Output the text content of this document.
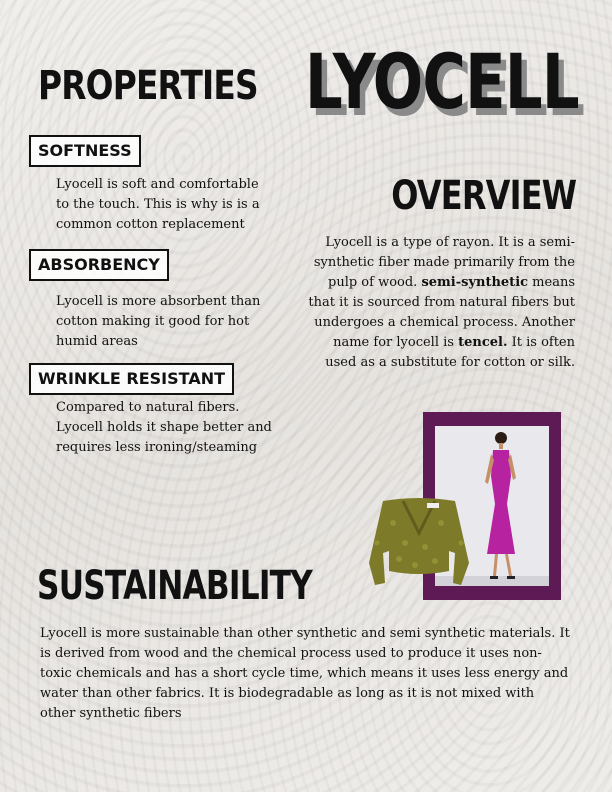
LYOCELL
PROPERTIES
SOFTNESS

Lyocell is soft and comfortable to the touch. This is why is is a common cotton replacement

ABSORBENCY

Lyocell is more absorbent than cotton making it good for hot humid areas

WRINKLE RESISTANT

Compared to natural fibers. Lyocell holds it shape better and requires less ironing/steaming

OVERVIEW

Lyocell is a type of rayon. It is a semi-synthetic fiber made primarily from the pulp of wood. semi-synthetic means that it is sourced from natural fibers but undergoes a chemical process. Another name for lyocell is tencel. It is often used as a substitute for cotton or silk.

SUSTAINABILITY

Lyocell is more sustainable than other synthetic and semi synthetic materials. It is derived from wood and the chemical process used to produce it uses non-toxic chemicals and has a short cycle time, which means it uses less energy and water than other fabrics. It is biodegradable as long as it is not mixed with other synthetic fibers
